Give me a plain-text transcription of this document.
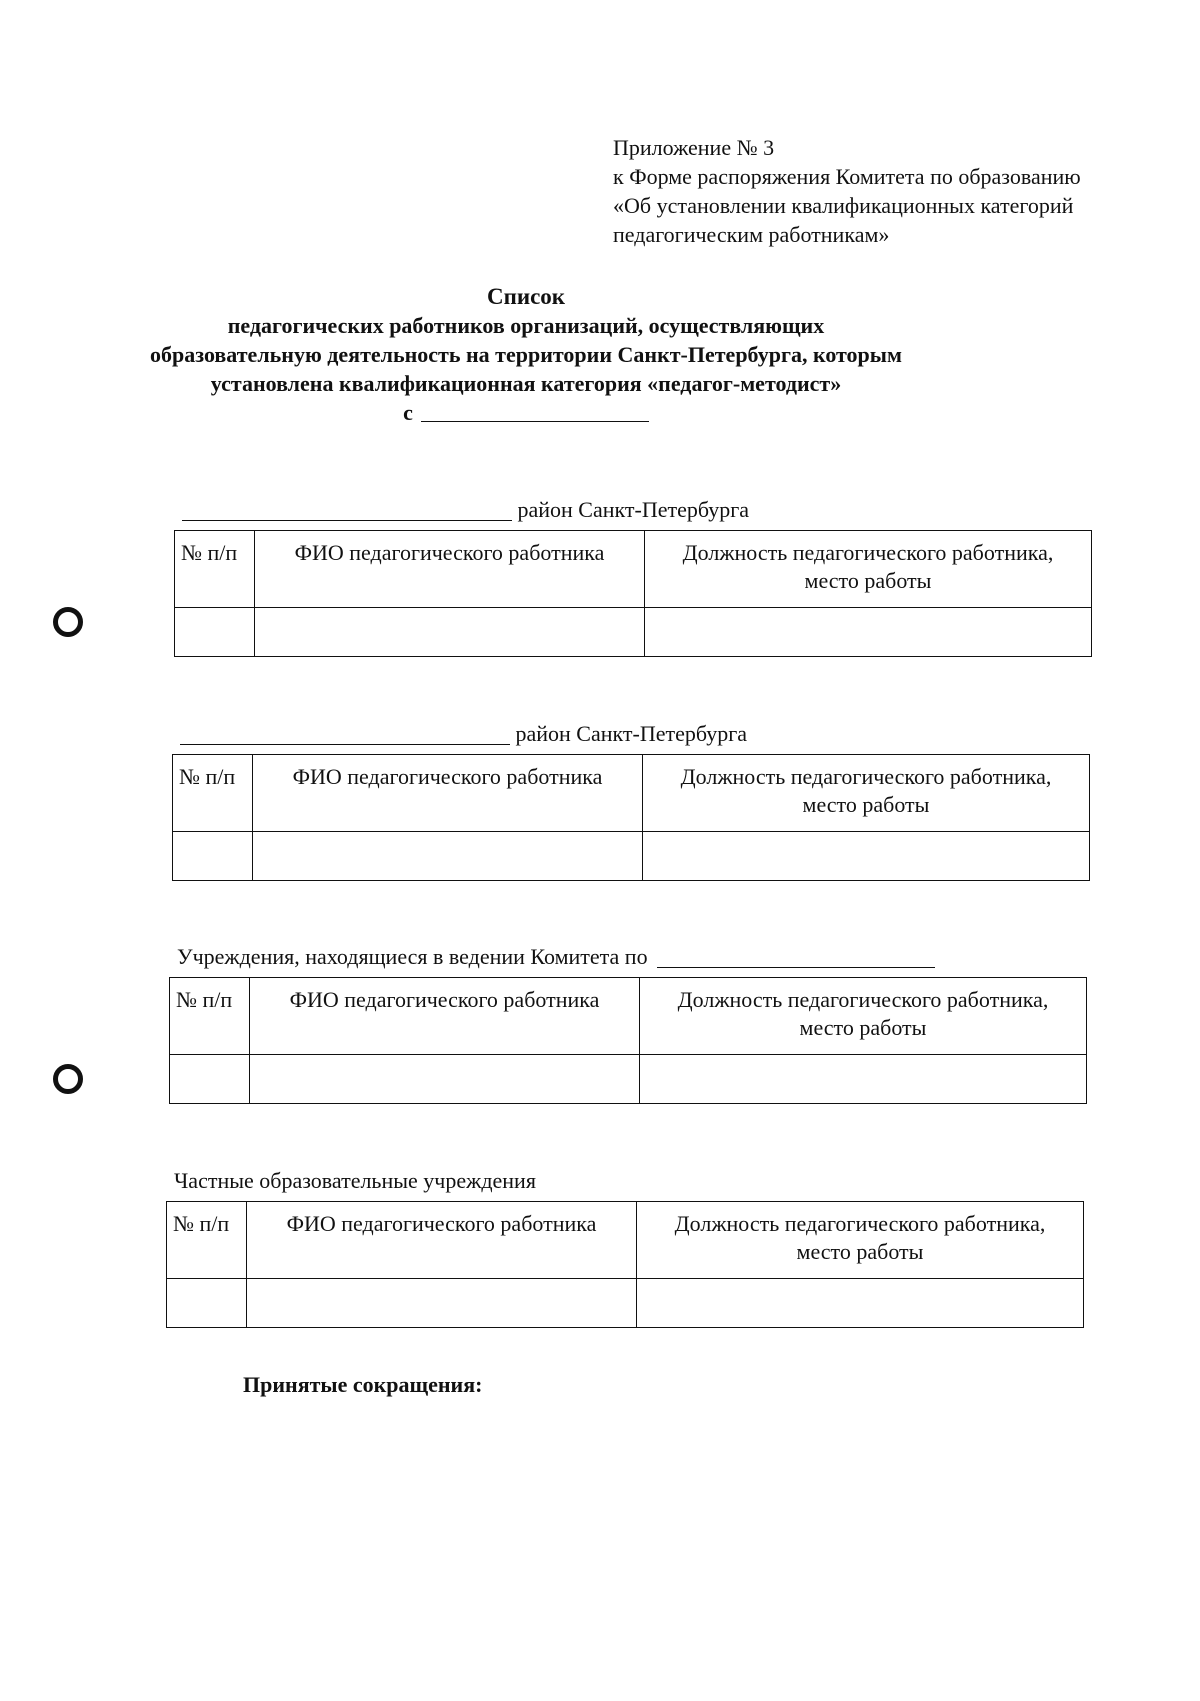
Приложение № 3
к Форме распоряжения Комитета по образованию
«Об установлении квалификационных категорий
педагогическим работникам»
Список
педагогических работников организаций, осуществляющих
образовательную деятельность на территории Санкт-Петербурга, которым
установлена квалификационная категория «педагог-методист»
с
район Санкт-Петербурга
№ п/п	ФИО педагогического работника	Должность педагогического работника,
место работы

район Санкт-Петербурга
№ п/п	ФИО педагогического работника	Должность педагогического работника,
место работы

Учреждения, находящиеся в ведении Комитета по
№ п/п	ФИО педагогического работника	Должность педагогического работника,
место работы

Частные образовательные учреждения
№ п/п	ФИО педагогического работника	Должность педагогического работника,
место работы

Принятые сокращения:
